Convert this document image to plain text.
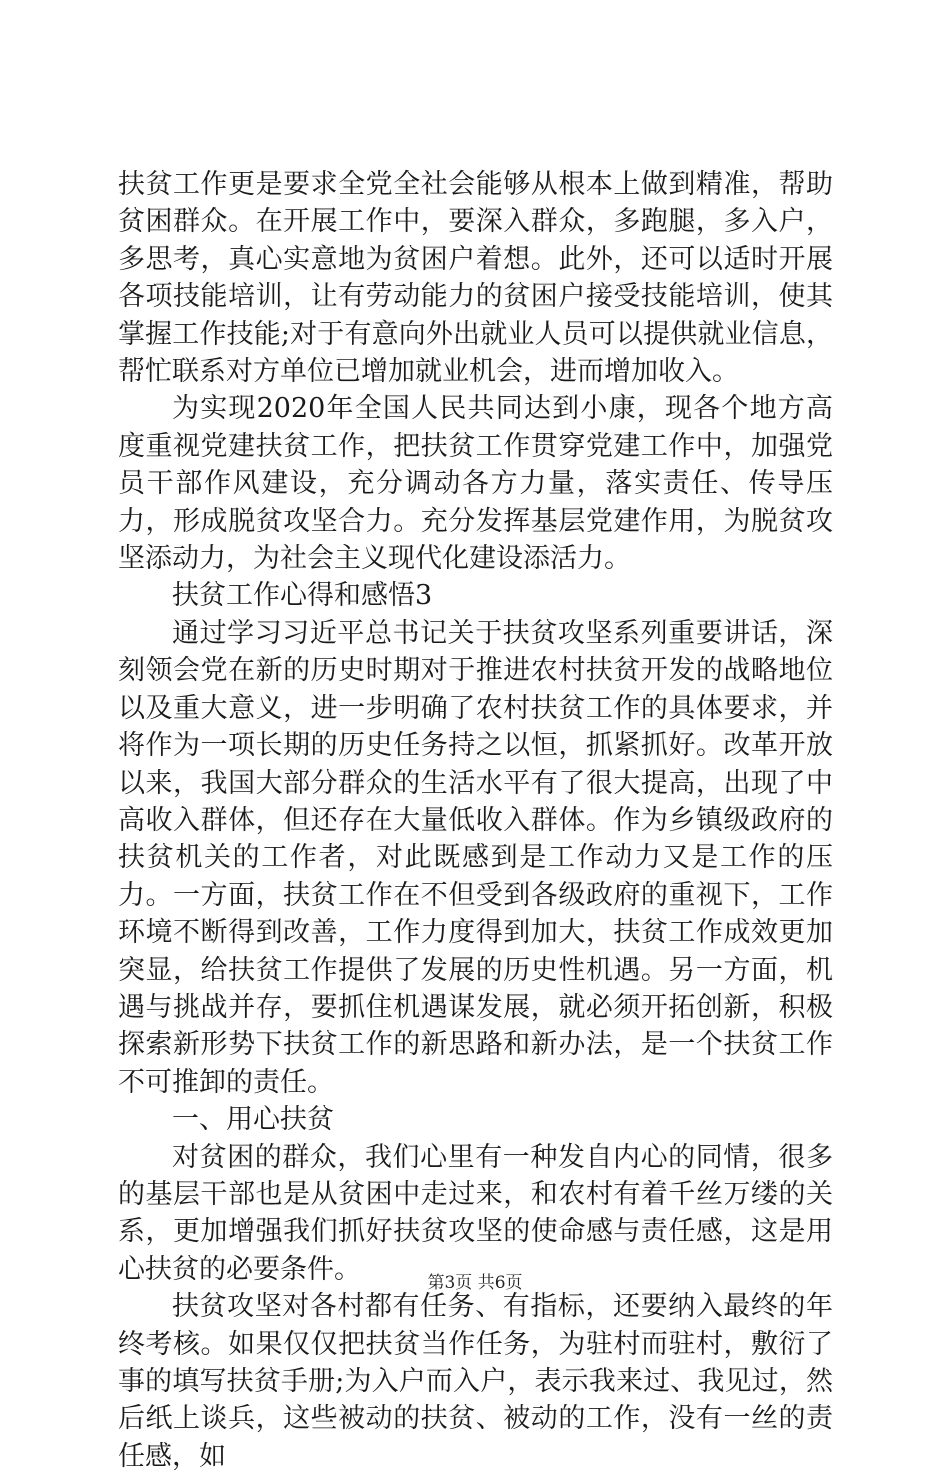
扶贫工作更是要求全党全社会能够从根本上做到精准，帮助贫困群众。在开展工作中，要深入群众，多跑腿，多入户，多思考，真心实意地为贫困户着想。此外，还可以适时开展各项技能培训，让有劳动能力的贫困户接受技能培训，使其掌握工作技能;对于有意向外出就业人员可以提供就业信息，帮忙联系对方单位已增加就业机会，进而增加收入。

为实现2020年全国人民共同达到小康，现各个地方高度重视党建扶贫工作，把扶贫工作贯穿党建工作中，加强党员干部作风建设，充分调动各方力量，落实责任、传导压力，形成脱贫攻坚合力。充分发挥基层党建作用，为脱贫攻坚添动力，为社会主义现代化建设添活力。

扶贫工作心得和感悟3

通过学习习近平总书记关于扶贫攻坚系列重要讲话，深刻领会党在新的历史时期对于推进农村扶贫开发的战略地位以及重大意义，进一步明确了农村扶贫工作的具体要求，并将作为一项长期的历史任务持之以恒，抓紧抓好。改革开放以来，我国大部分群众的生活水平有了很大提高，出现了中高收入群体，但还存在大量低收入群体。作为乡镇级政府的扶贫机关的工作者，对此既感到是工作动力又是工作的压力。一方面，扶贫工作在不但受到各级政府的重视下，工作环境不断得到改善，工作力度得到加大，扶贫工作成效更加突显，给扶贫工作提供了发展的历史性机遇。另一方面，机遇与挑战并存，要抓住机遇谋发展，就必须开拓创新，积极探索新形势下扶贫工作的新思路和新办法，是一个扶贫工作不可推卸的责任。

一、用心扶贫

对贫困的群众，我们心里有一种发自内心的同情，很多的基层干部也是从贫困中走过来，和农村有着千丝万缕的关系，更加增强我们抓好扶贫攻坚的使命感与责任感，这是用心扶贫的必要条件。

扶贫攻坚对各村都有任务、有指标，还要纳入最终的年终考核。如果仅仅把扶贫当作任务，为驻村而驻村，敷衍了事的填写扶贫手册;为入户而入户，表示我来过、我见过，然后纸上谈兵，这些被动的扶贫、被动的工作，没有一丝的责任感，如

第3页 共6页
